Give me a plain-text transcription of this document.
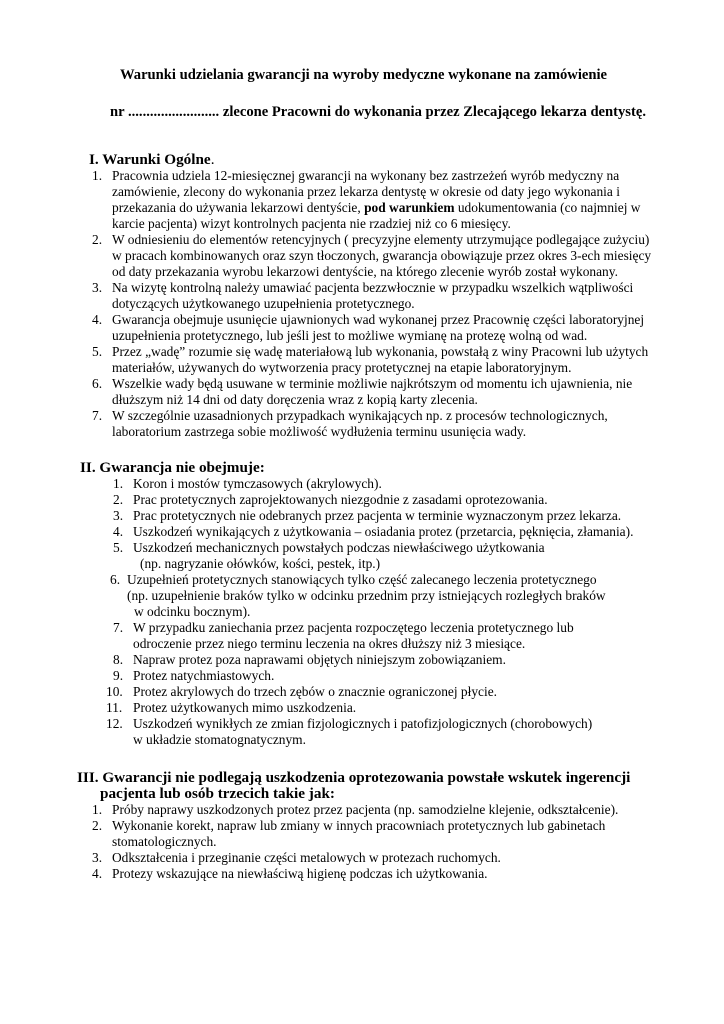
Warunki udzielania gwarancji na wyroby medyczne wykonane na zamówienie
nr ......................... zlecone Pracowni do wykonania przez Zlecającego lekarza dentystę.
I. Warunki Ogólne.
1. Pracownia udziela 12-miesięcznej gwarancji na wykonany bez zastrzeżeń wyrób medyczny na
zamówienie, zlecony do wykonania przez lekarza dentystę w okresie od daty jego wykonania i
przekazania do używania lekarzowi dentyście, pod warunkiem udokumentowania (co najmniej w
karcie pacjenta) wizyt kontrolnych pacjenta nie rzadziej niż co 6 miesięcy.
2. W odniesieniu do elementów retencyjnych ( precyzyjne elementy utrzymujące podlegające zużyciu)
w pracach kombinowanych oraz szyn tłoczonych, gwarancja obowiązuje przez okres 3-ech miesięcy
od daty przekazania wyrobu lekarzowi dentyście, na którego zlecenie wyrób został wykonany.
3. Na wizytę kontrolną należy umawiać pacjenta bezzwłocznie w przypadku wszelkich wątpliwości
dotyczących użytkowanego uzupełnienia protetycznego.
4. Gwarancja obejmuje usunięcie ujawnionych wad wykonanej przez Pracownię części laboratoryjnej
uzupełnienia protetycznego, lub jeśli jest to możliwe wymianę na protezę wolną od wad.
5. Przez „wadę” rozumie się wadę materiałową lub wykonania, powstałą z winy Pracowni lub użytych
materiałów, używanych do wytworzenia pracy protetycznej na etapie laboratoryjnym.
6. Wszelkie wady będą usuwane w terminie możliwie najkrótszym od momentu ich ujawnienia, nie
dłuższym niż 14 dni od daty doręczenia wraz z kopią karty zlecenia.
7. W szczególnie uzasadnionych przypadkach wynikających np. z procesów technologicznych,
laboratorium zastrzega sobie możliwość wydłużenia terminu usunięcia wady.
II. Gwarancja nie obejmuje:
1. Koron i mostów tymczasowych (akrylowych).
2. Prac protetycznych zaprojektowanych niezgodnie z zasadami oprotezowania.
3. Prac protetycznych nie odebranych przez pacjenta w terminie wyznaczonym przez lekarza.
4. Uszkodzeń wynikających z użytkowania – osiadania protez (przetarcia, pęknięcia, złamania).
5. Uszkodzeń mechanicznych powstałych podczas niewłaściwego użytkowania
(np. nagryzanie ołówków, kości, pestek, itp.)
6. Uzupełnień protetycznych stanowiących tylko część zalecanego leczenia protetycznego
(np. uzupełnienie braków tylko w odcinku przednim przy istniejących rozległych braków
w odcinku bocznym).
7. W przypadku zaniechania przez pacjenta rozpoczętego leczenia protetycznego lub
odroczenie przez niego terminu leczenia na okres dłuższy niż 3 miesiące.
8. Napraw protez poza naprawami objętych niniejszym zobowiązaniem.
9. Protez natychmiastowych.
10. Protez akrylowych do trzech zębów o znacznie ograniczonej płycie.
11. Protez użytkowanych mimo uszkodzenia.
12. Uszkodzeń wynikłych ze zmian fizjologicznych i patofizjologicznych (chorobowych)
w układzie stomatognatycznym.
III. Gwarancji nie podlegają uszkodzenia oprotezowania powstałe wskutek ingerencji
pacjenta lub osób trzecich takie jak:
1. Próby naprawy uszkodzonych protez przez pacjenta (np. samodzielne klejenie, odkształcenie).
2. Wykonanie korekt, napraw lub zmiany w innych pracowniach protetycznych lub gabinetach
stomatologicznych.
3. Odkształcenia i przeginanie części metalowych w protezach ruchomych.
4. Protezy wskazujące na niewłaściwą higienę podczas ich użytkowania.
